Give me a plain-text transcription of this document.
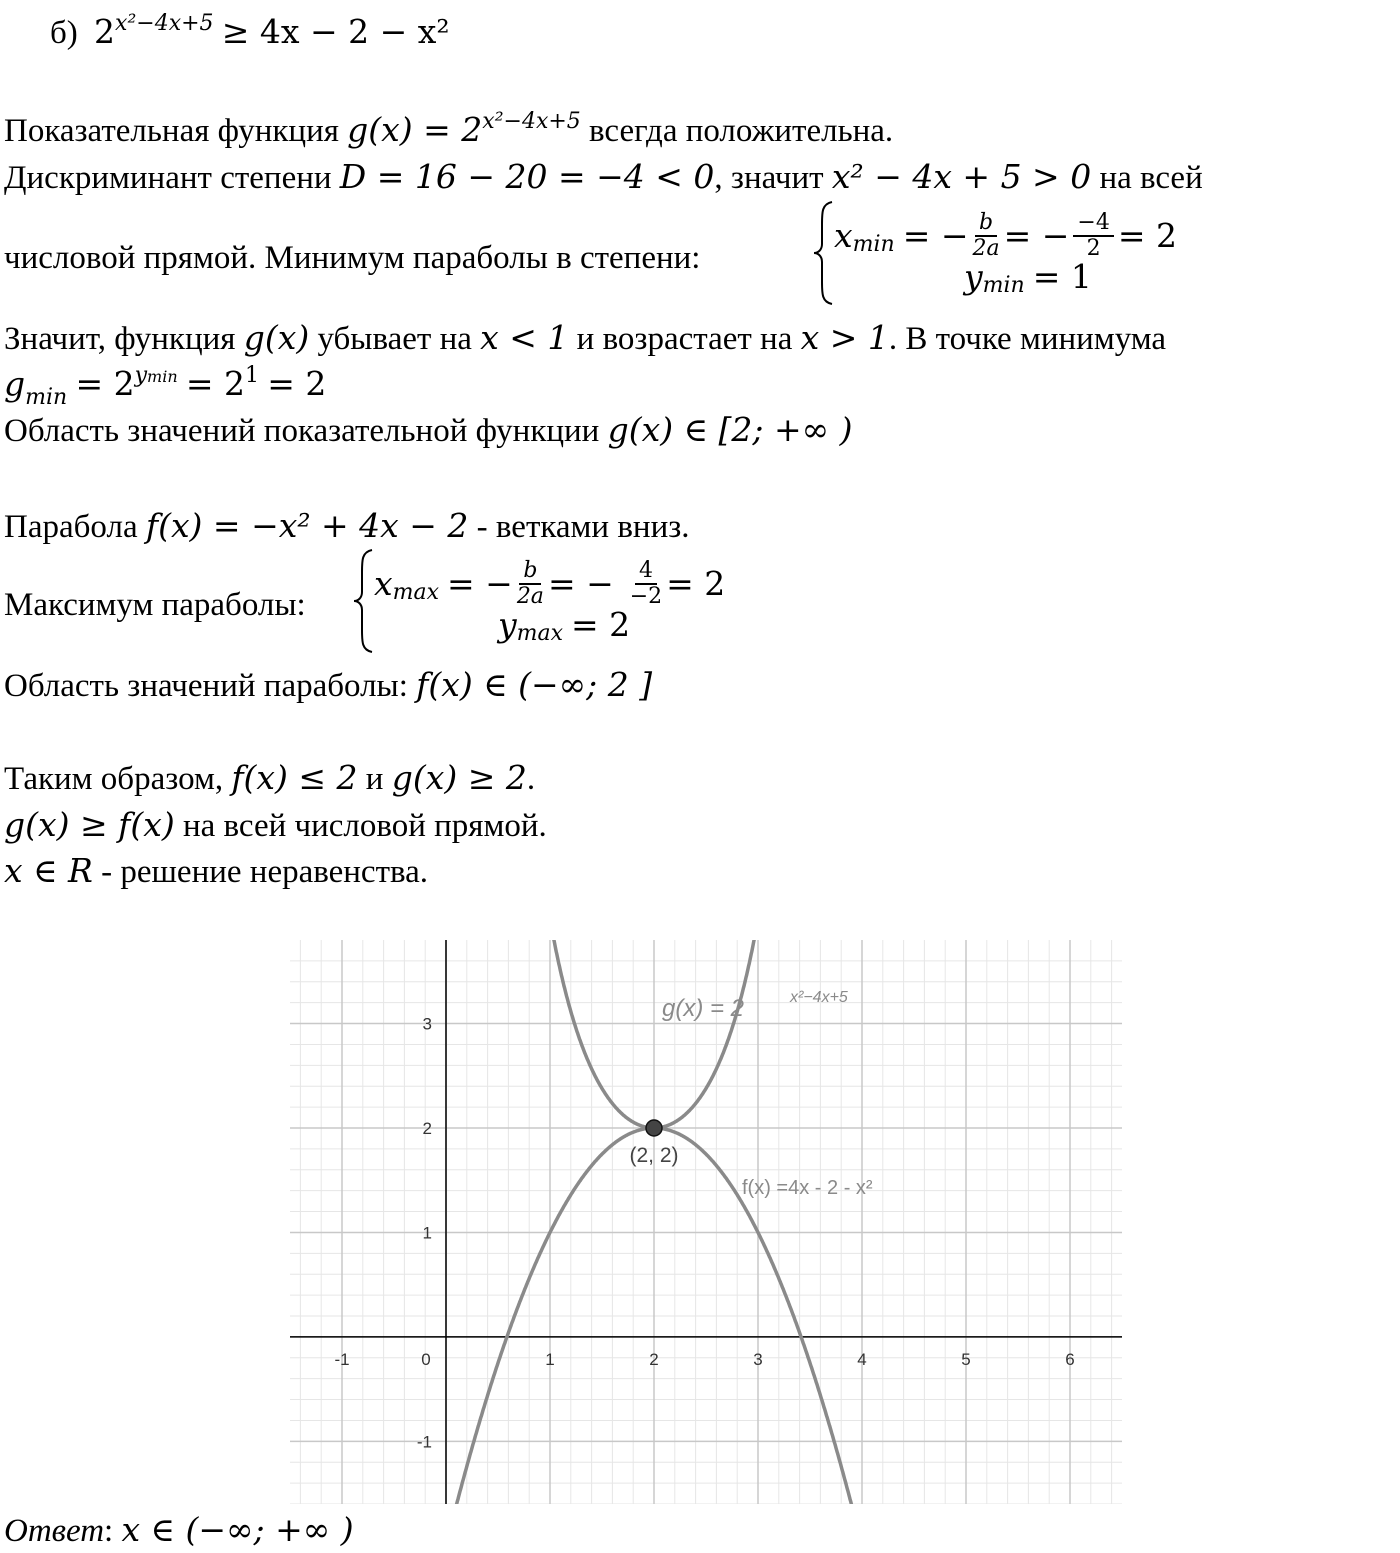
б) $2^{x^2-4x+5} \ge 4x - 2 - x^2$
Показательная функция $g(x) = 2^{x^2-4x+5}$ всегда положительна.
Дискриминант степени D = 16 − 20 = −4 < 0, значит x² − 4x + 5 > 0 на всей
числовой прямой. Минимум параболы в степени:
$x_{min}$ = − $\frac{b}{2a}$ = − $\frac{-4}{2} = 2$
$y_{min} = 1$
Значит, функция g(x) убывает на x < 1 и возрастает на x > 1. В точке минимума
$g_{min} = 2^{ymin} = 2^1 = 2$
Область значений показательной функции g(x) ∈ [2; +∞ )
Парабола f(x) = −x² + 4x − 2 - ветками вниз.
Максимум параболы:
$x_{max}$ = − $\frac{b}{2a}$ = − $\frac{4}{-2} = 2$
$y_{max} = 2$
Область значений параболы: f(x) ∈ (−∞; 2 ]
Таким образом, f(x) ≤ 2 и g(x) ≥ 2.
g(x) ≥ f(x) на всей числовой прямой.
x ∈ R - решение неравенства.
-1	0	1	2	3	4	5	6
3
2
1
-1
(2, 2)
g(x) = 2	x²−4x+5
f(x) =4x - 2 - x²
Ответ: x ∈ (−∞; +∞ )
